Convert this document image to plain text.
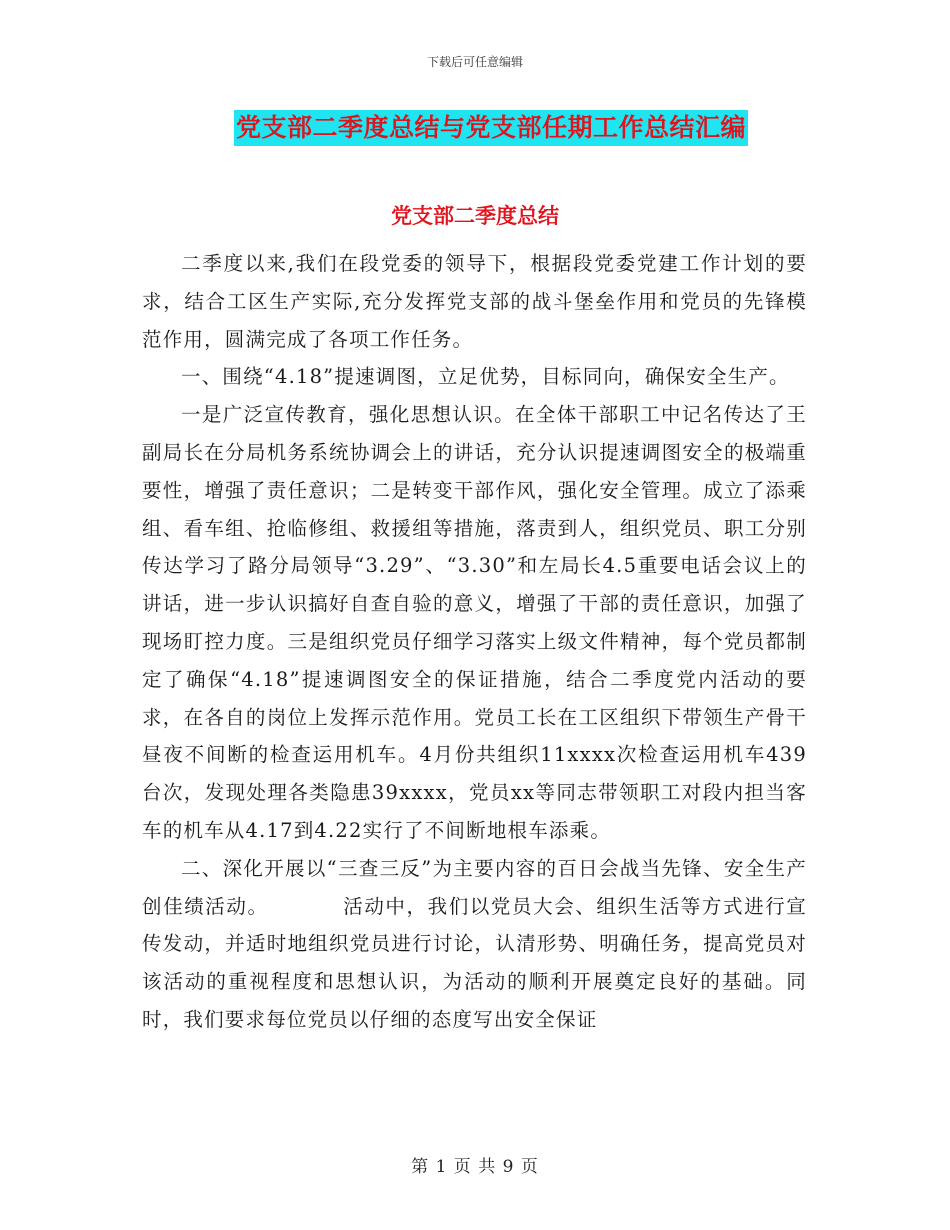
下载后可任意编辑
党支部二季度总结与党支部任期工作总结汇编
党支部二季度总结

二季度以来,我们在段党委的领导下，根据段党委党建工作计划的要求，结合工区生产实际,充分发挥党支部的战斗堡垒作用和党员的先锋模范作用，圆满完成了各项工作任务。

一、围绕“4.18”提速调图，立足优势，目标同向，确保安全生产。

一是广泛宣传教育，强化思想认识。在全体干部职工中记名传达了王副局长在分局机务系统协调会上的讲话，充分认识提速调图安全的极端重要性，增强了责任意识；二是转变干部作风，强化安全管理。成立了添乘组、看车组、抢临修组、救援组等措施，落责到人，组织党员、职工分别传达学习了路分局领导“3.29”、“3.30”和左局长4.5重要电话会议上的讲话，进一步认识搞好自查自验的意义，增强了干部的责任意识，加强了现场盯控力度。三是组织党员仔细学习落实上级文件精神，每个党员都制定了确保“4.18”提速调图安全的保证措施，结合二季度党内活动的要求，在各自的岗位上发挥示范作用。党员工长在工区组织下带领生产骨干昼夜不间断的检查运用机车。4月份共组织11xxxx次检查运用机车439台次，发现处理各类隐患39xxxx，党员xx等同志带领职工对段内担当客车的机车从4.17到4.22实行了不间断地根车添乘。

二、深化开展以“三查三反”为主要内容的百日会战当先锋、安全生产创佳绩活动。　　　　活动中，我们以党员大会、组织生活等方式进行宣传发动，并适时地组织党员进行讨论，认清形势、明确任务，提高党员对该活动的重视程度和思想认识，为活动的顺利开展奠定良好的基础。同时，我们要求每位党员以仔细的态度写出安全保证

第 1 页 共 9 页
